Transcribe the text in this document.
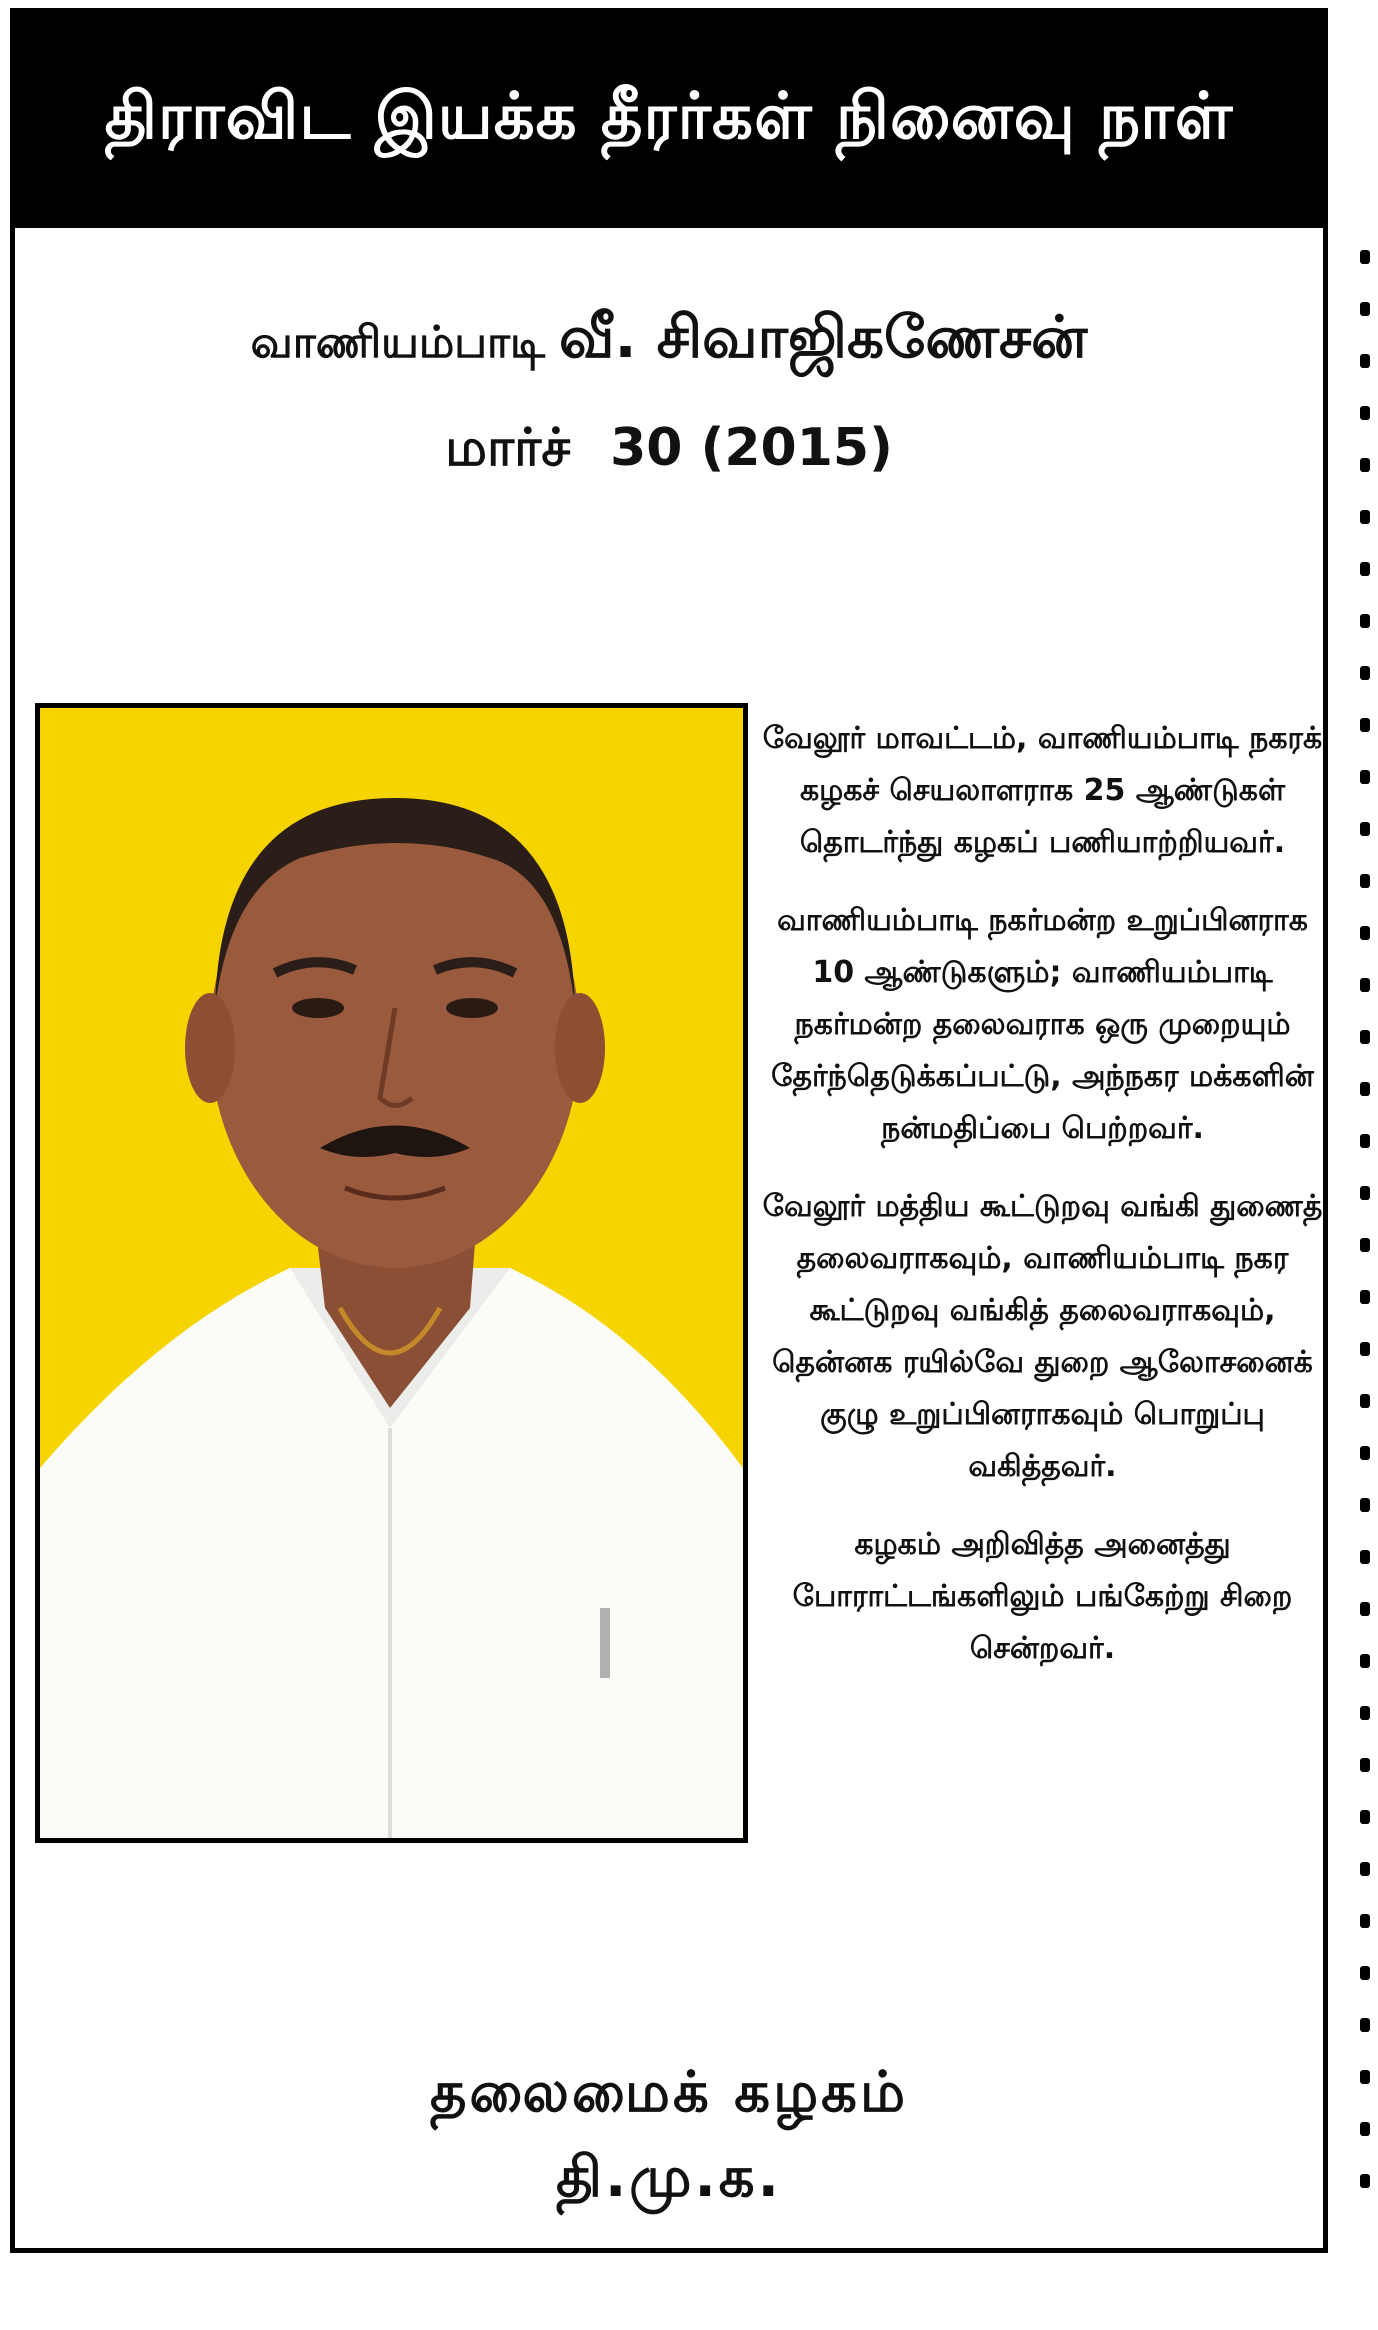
திராவிட இயக்க தீரர்கள் நினைவு நாள்
வாணியம்பாடி வீ. சிவாஜிகணேசன்
மார்ச் 30 (2015)

வேலூர் மாவட்டம், வாணியம்பாடி நகரக் கழகச் செயலாளராக 25 ஆண்டுகள் தொடர்ந்து கழகப் பணியாற்றியவர்.

வாணியம்பாடி நகர்மன்ற உறுப்பினராக 10 ஆண்டுகளும்; வாணியம்பாடி நகர்மன்ற தலைவராக ஒரு முறையும் தேர்ந்தெடுக்கப்பட்டு, அந்நகர மக்களின் நன்மதிப்பை பெற்றவர்.

வேலூர் மத்திய கூட்டுறவு வங்கி துணைத் தலைவராகவும், வாணியம்பாடி நகர கூட்டுறவு வங்கித் தலைவராகவும், தென்னக ரயில்வே துறை ஆலோசனைக் குழு உறுப்பினராகவும் பொறுப்பு வகித்தவர்.

கழகம் அறிவித்த அனைத்து போராட்டங்களிலும் பங்கேற்று சிறை சென்றவர்.

தலைமைக் கழகம்
தி.மு.க.
